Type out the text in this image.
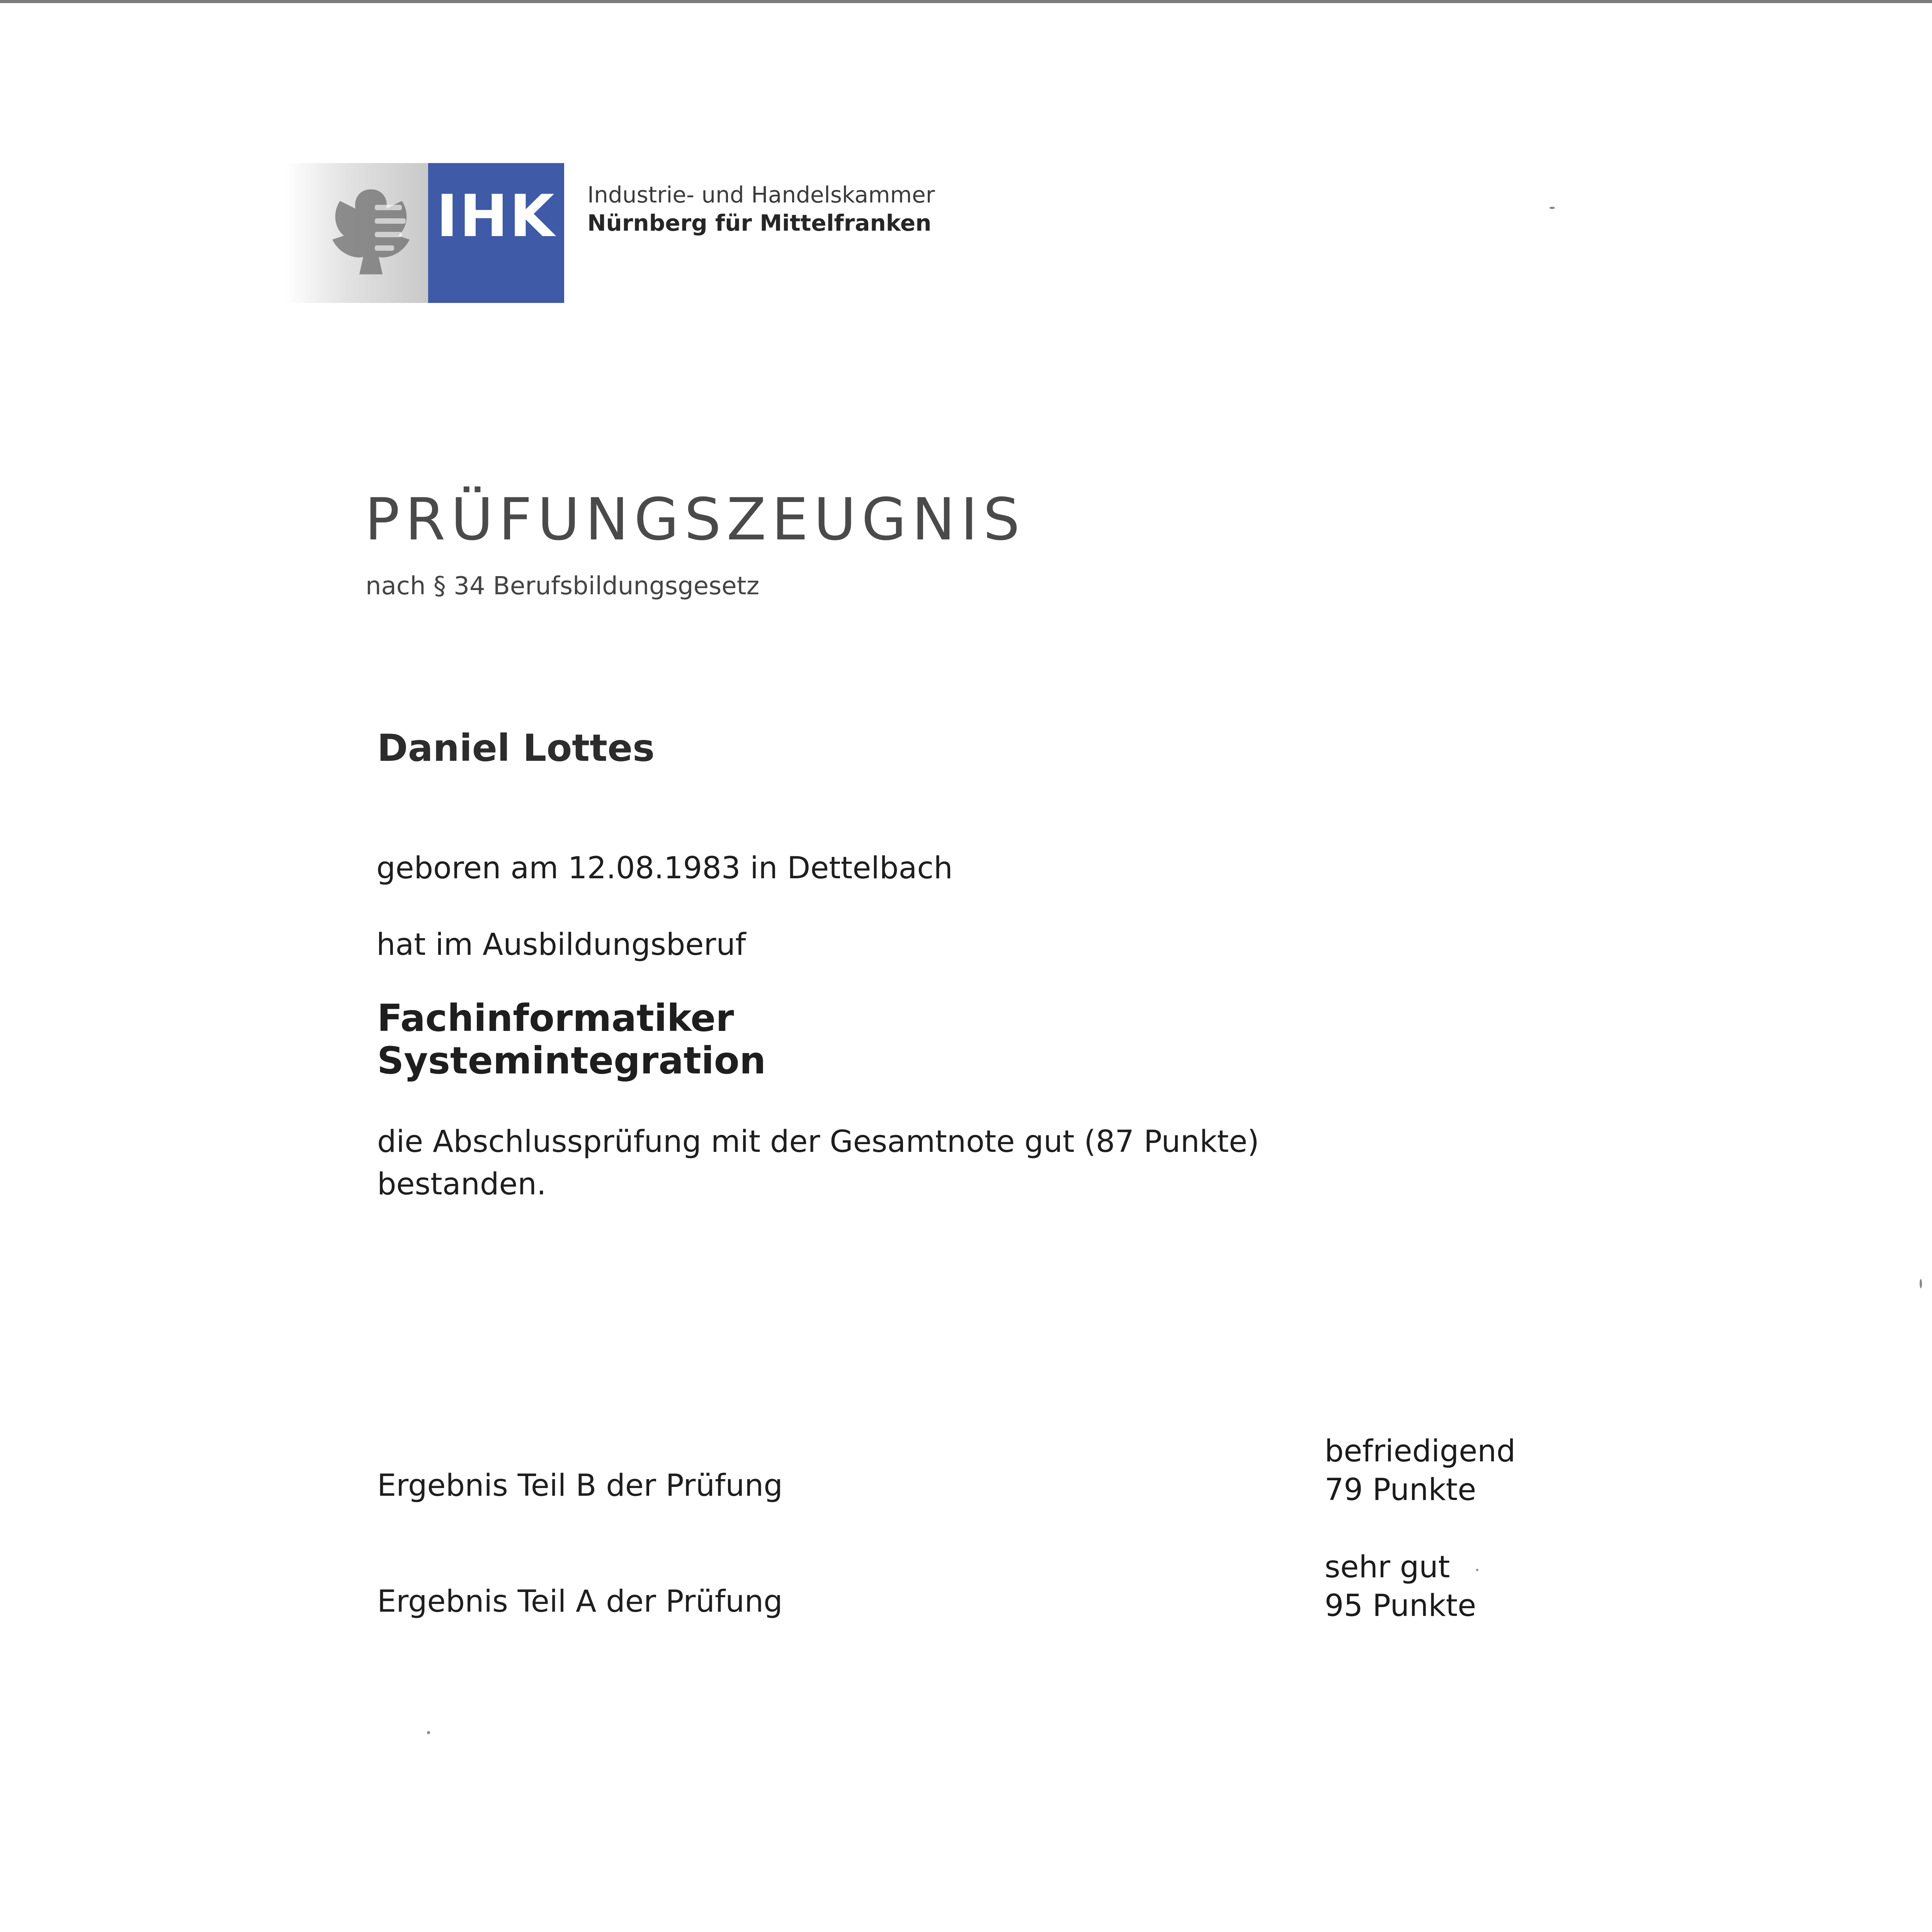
IHK	Industrie- und Handelskammer
Nürnberg für Mittelfranken
PRÜFUNGSZEUGNIS
nach § 34 Berufsbildungsgesetz
Daniel Lottes
geboren am 12.08.1983 in Dettelbach
hat im Ausbildungsberuf
Fachinformatiker
Systemintegration
die Abschlussprüfung mit der Gesamtnote gut (87 Punkte)
bestanden.
Ergebnis Teil B der Prüfung
befriedigend
79 Punkte
Ergebnis Teil A der Prüfung
sehr gut
95 Punkte
